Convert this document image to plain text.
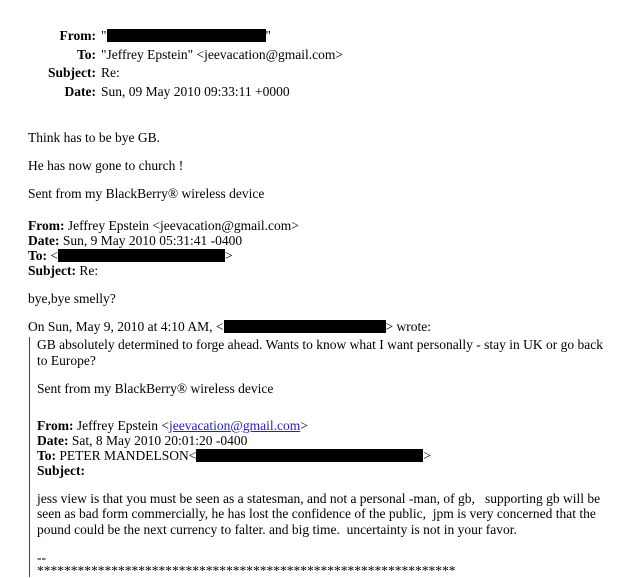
From: "	"
To: "Jeffrey Epstein" <jeevacation@gmail.com>
Subject: Re:
Date: Sun, 09 May 2010 09:33:11 +0000

Think has to be bye GB.

He has now gone to church !

Sent from my BlackBerry® wireless device

From: Jeffrey Epstein <jeevacation@gmail.com>
Date: Sun, 9 May 2010 05:31:41 -0400
To: <	>
Subject: Re:

bye,bye smelly?

On Sun, May 9, 2010 at 4:10 AM, <	> wrote:

GB absolutely determined to forge ahead. Wants to know what I want personally - stay in UK or go back to Europe?

Sent from my BlackBerry® wireless device

From: Jeffrey Epstein <jeevacation@gmail.com>
Date: Sat, 8 May 2010 20:01:20 -0400
To: PETER MANDELSON<	>
Subject:

jess view is that you must be seen as a statesman, and not a personal -man, of gb,   supporting gb will be seen as bad form commercially, he has lost the confidence of the public,  jpm is very concerned that the pound could be the next currency to falter. and big time.  uncertainty is not in your favor.

--

**************************************************************
